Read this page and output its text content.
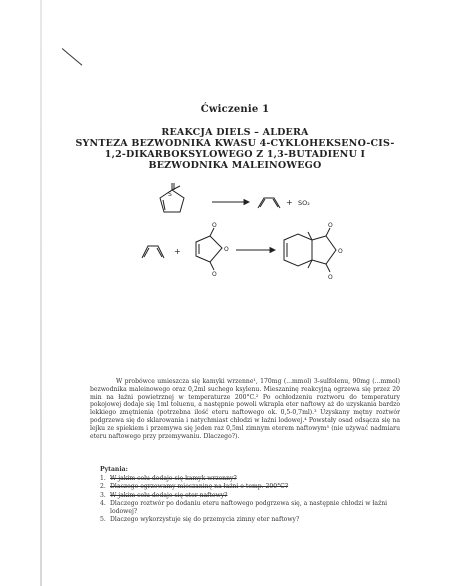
Ćwiczenie 1
REAKCJA DIELS – ALDERA
SYNTEZA BEZWODNIKA KWASU 4-CYKLOHEKSENO-CIS-
1,2-DIKARBOKSYLOWEGO Z 1,3-BUTADIENU I
BEZWODNIKA MALEINOWEGO
S
+ SO₂
+
O
O
O
O
O
O

W probówce umieszcza się kamyki wrzenne¹, 170mg (...mmol) 3-sulfolenu, 90mg (...mmol) bezwodnika maleinowego oraz 0,2ml suchego ksylenu. Mieszaninę reakcyjną ogrzewa się przez 20 min na łaźni powietrznej w temperaturze 200°C.² Po ochłodzeniu roztworu do temperatury pokojowej dodaje się 1ml toluenu, a następnie powoli wkrapla eter naftowy aż do uzyskania bardzo lekkiego zmętnienia (potrzebna ilość eteru naftowego ok. 0,5-0,7ml).³ Uzyskany mętny roztwór podgrzewa się do sklarowania i natychmiast chłodzi w łaźni lodowej.⁴ Powstały osad odsącza się na lejku ze spiekiem i przemywa się jeden raz 0,5ml zimnym eterem naftowym⁵ (nie używać nadmiaru eteru naftowego przy przemywaniu. Dlaczego?).

Pytania:
1. W jakim celu dodaje się kamyk wrzenny?
2. Dlaczego ogrzewamy mieszaninę na łaźni o temp. 200°C?
3. W jakim celu dodaje się eter naftowy?
4. Dlaczego roztwór po dodaniu eteru naftowego podgrzewa się, a następnie chłodzi w łaźni lodowej?
5. Dlaczego wykorzystuje się do przemycia zimny eter naftowy?
